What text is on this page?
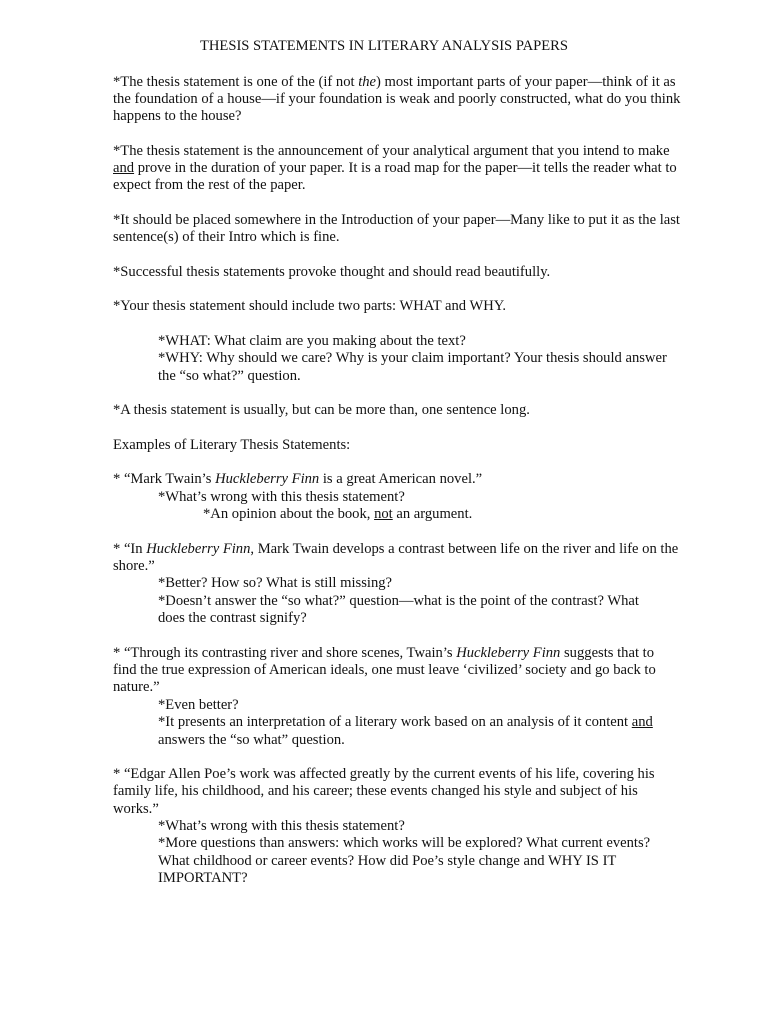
THESIS STATEMENTS IN LITERARY ANALYSIS PAPERS

*The thesis statement is one of the (if not the) most important parts of your paper—think of it as

the foundation of a house—if your foundation is weak and poorly constructed, what do you think

happens to the house?

*The thesis statement is the announcement of your analytical argument that you intend to make

and prove in the duration of your paper. It is a road map for the paper—it tells the reader what to

expect from the rest of the paper.

*It should be placed somewhere in the Introduction of your paper—Many like to put it as the last

sentence(s) of their Intro which is fine.

*Successful thesis statements provoke thought and should read beautifully.

*Your thesis statement should include two parts: WHAT and WHY.

*WHAT: What claim are you making about the text?

*WHY: Why should we care? Why is your claim important? Your thesis should answer

the “so what?” question.

*A thesis statement is usually, but can be more than, one sentence long.

Examples of Literary Thesis Statements:

* “Mark Twain’s Huckleberry Finn is a great American novel.”

*What’s wrong with this thesis statement?

*An opinion about the book, not an argument.

* “In Huckleberry Finn, Mark Twain develops a contrast between life on the river and life on the

shore.”

*Better? How so? What is still missing?

*Doesn’t answer the “so what?” question—what is the point of the contrast? What

does the contrast signify?

* “Through its contrasting river and shore scenes, Twain’s Huckleberry Finn suggests that to

find the true expression of American ideals, one must leave ‘civilized’ society and go back to

nature.”

*Even better?

*It presents an interpretation of a literary work based on an analysis of it content and

answers the “so what” question.

* “Edgar Allen Poe’s work was affected greatly by the current events of his life, covering his

family life, his childhood, and his career; these events changed his style and subject of his

works.”

*What’s wrong with this thesis statement?

*More questions than answers: which works will be explored? What current events?

What childhood or career events? How did Poe’s style change and WHY IS IT

IMPORTANT?
